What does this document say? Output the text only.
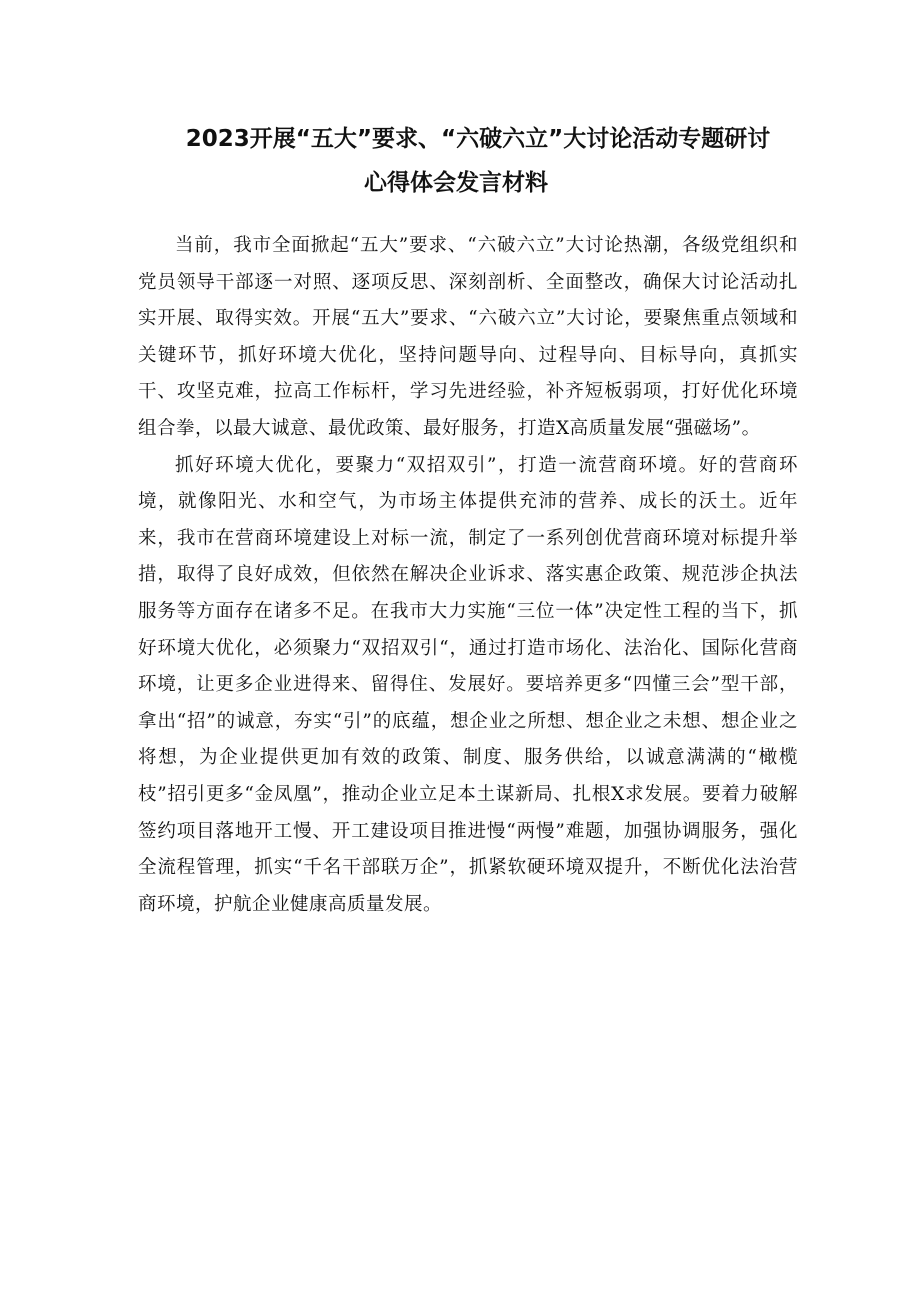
2023开展“五大”要求、“六破六立”大讨论活动专题研讨
心得体会发言材料

当前，我市全面掀起“五大”要求、“六破六立”大讨论热潮，各级党组织和党员领导干部逐一对照、逐项反思、深刻剖析、全面整改，确保大讨论活动扎实开展、取得实效。开展“五大”要求、“六破六立”大讨论，要聚焦重点领域和关键环节，抓好环境大优化，坚持问题导向、过程导向、目标导向，真抓实干、攻坚克难，拉高工作标杆，学习先进经验，补齐短板弱项，打好优化环境组合拳，以最大诚意、最优政策、最好服务，打造X高质量发展“强磁场”。

抓好环境大优化，要聚力“双招双引”，打造一流营商环境。好的营商环境，就像阳光、水和空气，为市场主体提供充沛的营养、成长的沃土。近年来，我市在营商环境建设上对标一流，制定了一系列创优营商环境对标提升举措，取得了良好成效，但依然在解决企业诉求、落实惠企政策、规范涉企执法服务等方面存在诸多不足。在我市大力实施“三位一体”决定性工程的当下，抓好环境大优化，必须聚力“双招双引“，通过打造市场化、法治化、国际化营商环境，让更多企业进得来、留得住、发展好。要培养更多“四懂三会”型干部，拿出“招”的诚意，夯实“引”的底蕴，想企业之所想、想企业之未想、想企业之将想，为企业提供更加有效的政策、制度、服务供给，以诚意满满的“橄榄枝”招引更多“金凤凰”，推动企业立足本土谋新局、扎根X求发展。要着力破解签约项目落地开工慢、开工建设项目推进慢“两慢”难题，加强协调服务，强化全流程管理，抓实“千名干部联万企”，抓紧软硬环境双提升，不断优化法治营商环境，护航企业健康高质量发展。
